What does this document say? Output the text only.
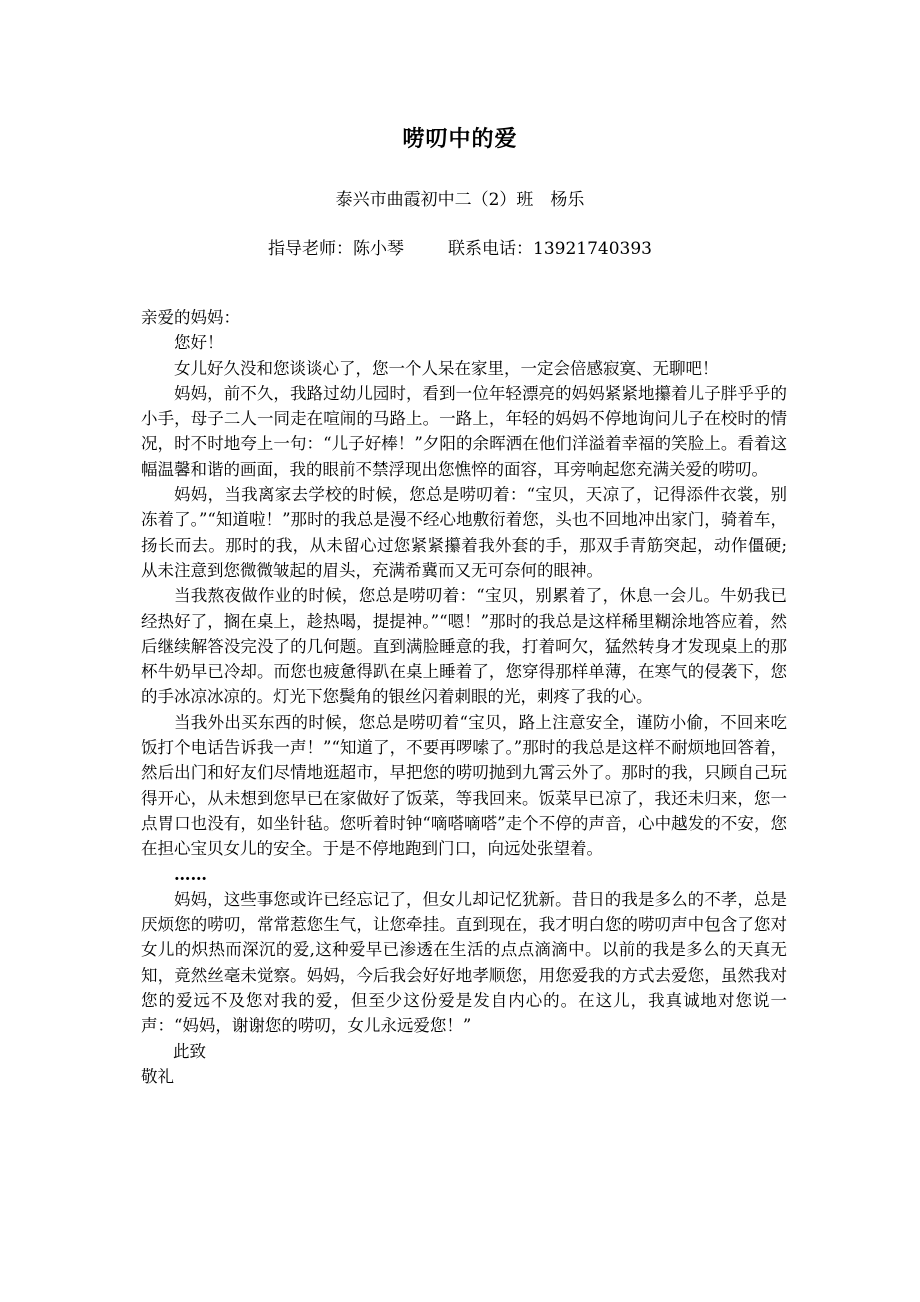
唠叨中的爱
泰兴市曲霞初中二（2）班　杨乐
指导老师：陈小琴	联系电话：13921740393

亲爱的妈妈：

您好！

女儿好久没和您谈谈心了，您一个人呆在家里，一定会倍感寂寞、无聊吧！

妈妈，前不久，我路过幼儿园时，看到一位年轻漂亮的妈妈紧紧地攥着儿子胖乎乎的小手，母子二人一同走在喧闹的马路上。一路上，年轻的妈妈不停地询问儿子在校时的情况，时不时地夸上一句：“儿子好棒！”夕阳的余晖洒在他们洋溢着幸福的笑脸上。看着这幅温馨和谐的画面，我的眼前不禁浮现出您憔悴的面容，耳旁响起您充满关爱的唠叨。

妈妈，当我离家去学校的时候，您总是唠叨着：“宝贝，天凉了，记得添件衣裳，别冻着了。”“知道啦！”那时的我总是漫不经心地敷衍着您，头也不回地冲出家门，骑着车，扬长而去。那时的我，从未留心过您紧紧攥着我外套的手，那双手青筋突起，动作僵硬; 从未注意到您微微皱起的眉头，充满希冀而又无可奈何的眼神。

当我熬夜做作业的时候，您总是唠叨着：“宝贝，别累着了，休息一会儿。牛奶我已经热好了，搁在桌上，趁热喝，提提神。”“嗯！”那时的我总是这样稀里糊涂地答应着，然后继续解答没完没了的几何题。直到满脸睡意的我，打着呵欠，猛然转身才发现桌上的那杯牛奶早已冷却。而您也疲惫得趴在桌上睡着了，您穿得那样单薄，在寒气的侵袭下，您的手冰凉冰凉的。灯光下您鬓角的银丝闪着刺眼的光，刺疼了我的心。

当我外出买东西的时候，您总是唠叨着“宝贝，路上注意安全，谨防小偷，不回来吃饭打个电话告诉我一声！”“知道了，不要再啰嗦了。”那时的我总是这样不耐烦地回答着，然后出门和好友们尽情地逛超市，早把您的唠叨抛到九霄云外了。那时的我，只顾自己玩得开心，从未想到您早已在家做好了饭菜，等我回来。饭菜早已凉了，我还未归来，您一点胃口也没有，如坐针毡。您听着时钟“嘀嗒嘀嗒”走个不停的声音，心中越发的不安，您在担心宝贝女儿的安全。于是不停地跑到门口，向远处张望着。

……

妈妈，这些事您或许已经忘记了，但女儿却记忆犹新。昔日的我是多么的不孝，总是厌烦您的唠叨，常常惹您生气，让您牵挂。直到现在，我才明白您的唠叨声中包含了您对女儿的炽热而深沉的爱,这种爱早已渗透在生活的点点滴滴中。以前的我是多么的天真无知，竟然丝毫未觉察。妈妈，今后我会好好地孝顺您，用您爱我的方式去爱您，虽然我对您的爱远不及您对我的爱，但至少这份爱是发自内心的。在这儿，我真诚地对您说一声：“妈妈，谢谢您的唠叨，女儿永远爱您！”

此致

敬礼
